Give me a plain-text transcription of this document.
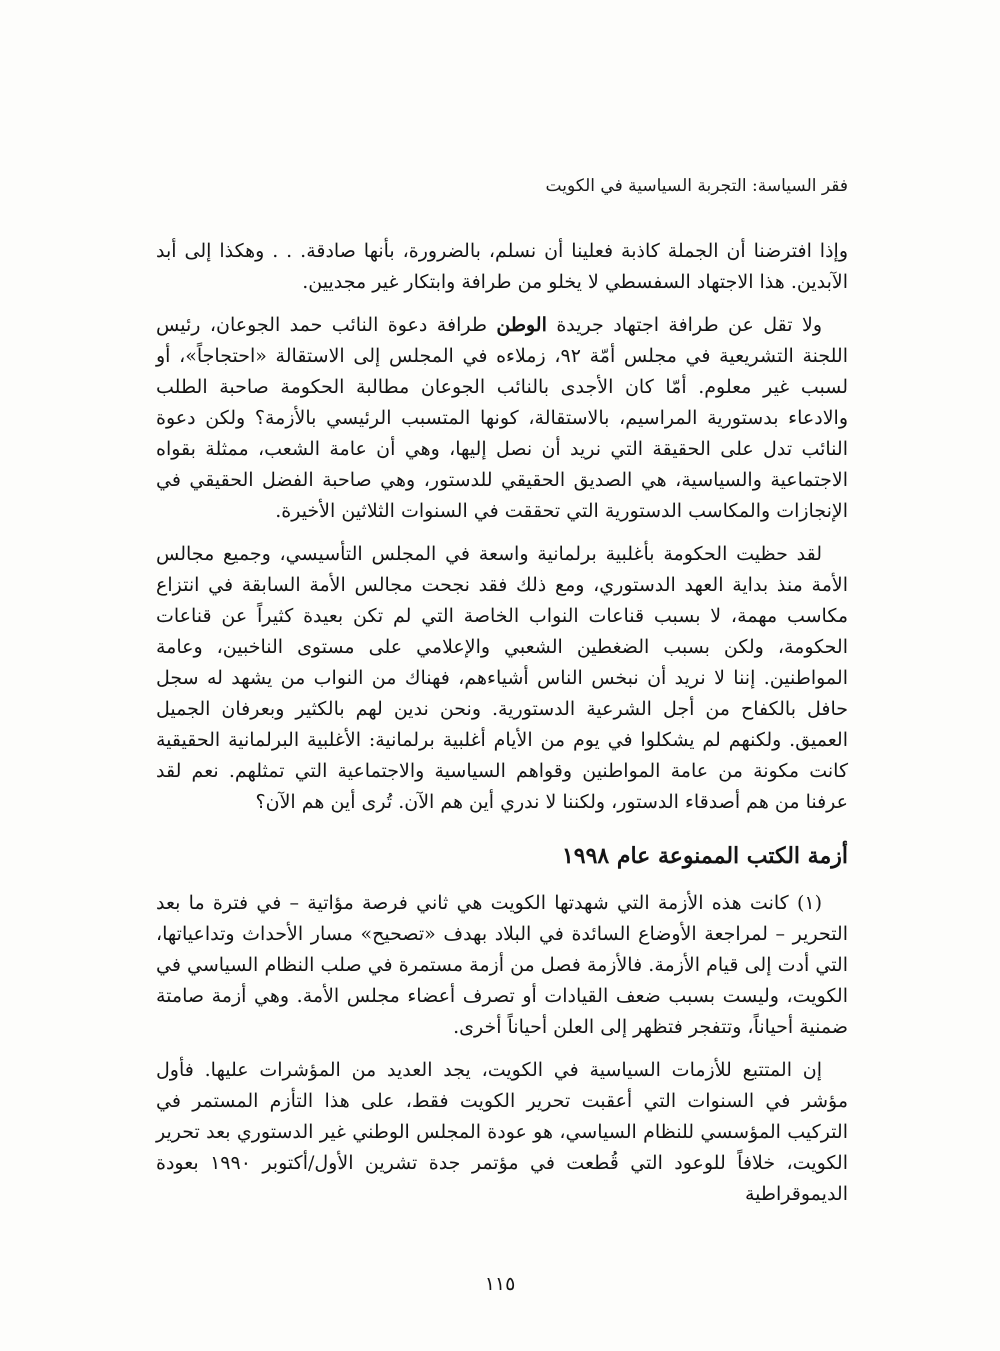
فقر السياسة: التجربة السياسية في الكويت

وإذا افترضنا أن الجملة كاذبة فعلينا أن نسلم، بالضرورة، بأنها صادقة. . . وهكذا إلى أبد الآبدين. هذا الاجتهاد السفسطي لا يخلو من طرافة وابتكار غير مجديين.

ولا تقل عن طرافة اجتهاد جريدة الوطن طرافة دعوة النائب حمد الجوعان، رئيس اللجنة التشريعية في مجلس أمّة ٩٢، زملاءه في المجلس إلى الاستقالة «احتجاجاً»، أو لسبب غير معلوم. أمّا كان الأجدى بالنائب الجوعان مطالبة الحكومة صاحبة الطلب والادعاء بدستورية المراسيم، بالاستقالة، كونها المتسبب الرئيسي بالأزمة؟ ولكن دعوة النائب تدل على الحقيقة التي نريد أن نصل إليها، وهي أن عامة الشعب، ممثلة بقواه الاجتماعية والسياسية، هي الصديق الحقيقي للدستور، وهي صاحبة الفضل الحقيقي في الإنجازات والمكاسب الدستورية التي تحققت في السنوات الثلاثين الأخيرة.

لقد حظيت الحكومة بأغلبية برلمانية واسعة في المجلس التأسيسي، وجميع مجالس الأمة منذ بداية العهد الدستوري، ومع ذلك فقد نجحت مجالس الأمة السابقة في انتزاع مكاسب مهمة، لا بسبب قناعات النواب الخاصة التي لم تكن بعيدة كثيراً عن قناعات الحكومة، ولكن بسبب الضغطين الشعبي والإعلامي على مستوى الناخبين، وعامة المواطنين. إننا لا نريد أن نبخس الناس أشياءهم، فهناك من النواب من يشهد له سجل حافل بالكفاح من أجل الشرعية الدستورية. ونحن ندين لهم بالكثير وبعرفان الجميل العميق. ولكنهم لم يشكلوا في يوم من الأيام أغلبية برلمانية: الأغلبية البرلمانية الحقيقية كانت مكونة من عامة المواطنين وقواهم السياسية والاجتماعية التي تمثلهم. نعم لقد عرفنا من هم أصدقاء الدستور، ولكننا لا ندري أين هم الآن. تُرى أين هم الآن؟

أزمة الكتب الممنوعة عام ١٩٩٨

(١) كانت هذه الأزمة التي شهدتها الكويت هي ثاني فرصة مؤاتية – في فترة ما بعد التحرير – لمراجعة الأوضاع السائدة في البلاد بهدف «تصحيح» مسار الأحداث وتداعياتها، التي أدت إلى قيام الأزمة. فالأزمة فصل من أزمة مستمرة في صلب النظام السياسي في الكويت، وليست بسبب ضعف القيادات أو تصرف أعضاء مجلس الأمة. وهي أزمة صامتة ضمنية أحياناً، وتتفجر فتظهر إلى العلن أحياناً أخرى.

إن المتتبع للأزمات السياسية في الكويت، يجد العديد من المؤشرات عليها. فأول مؤشر في السنوات التي أعقبت تحرير الكويت فقط، على هذا التأزم المستمر في التركيب المؤسسي للنظام السياسي، هو عودة المجلس الوطني غير الدستوري بعد تحرير الكويت، خلافاً للوعود التي قُطعت في مؤتمر جدة تشرين الأول/أكتوبر ١٩٩٠ بعودة الديموقراطية

١١٥
